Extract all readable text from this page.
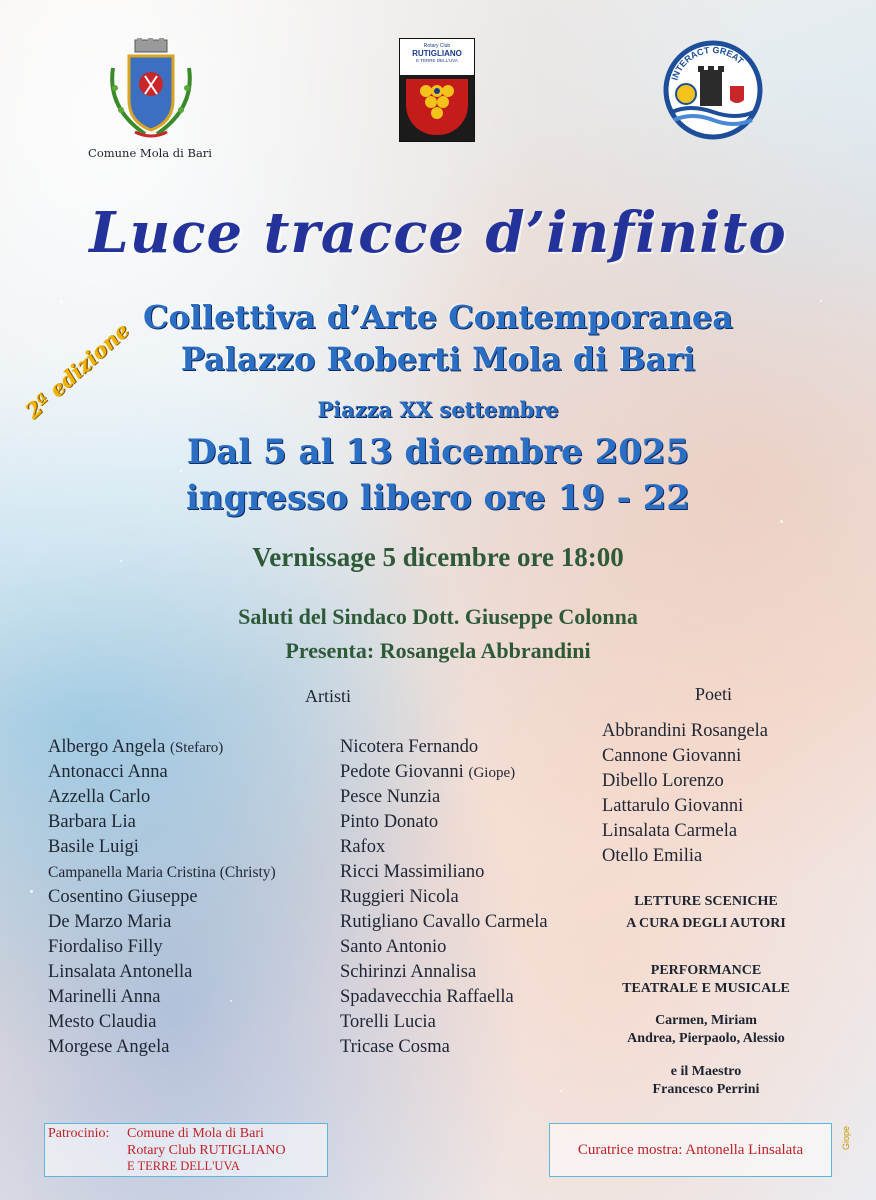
Comune Mola di Bari
Rotary Club
RUTIGLIANO
E TERRE DELL'UVA
INTERACT GREAT
Luce tracce d’infinito
Collettiva d’Arte Contemporanea
Palazzo Roberti Mola di Bari
2ª edizione	Piazza XX settembre
Dal 5 al 13 dicembre 2025
ingresso libero ore 19 - 22
Vernissage 5 dicembre ore 18:00
Saluti del Sindaco Dott. Giuseppe Colonna
Presenta: Rosangela Abbrandini
Artisti	Poeti
Albergo Angela (Stefaro)
Antonacci Anna
Azzella Carlo
Barbara Lia
Basile Luigi
Campanella Maria Cristina (Christy)
Cosentino Giuseppe
De Marzo Maria
Fiordaliso Filly
Linsalata Antonella
Marinelli Anna
Mesto Claudia
Morgese Angela
Nicotera Fernando
Pedote Giovanni (Giope)
Pesce Nunzia
Pinto Donato
Rafox
Ricci Massimiliano
Ruggieri Nicola
Rutigliano Cavallo Carmela
Santo Antonio
Schirinzi Annalisa
Spadavecchia Raffaella
Torelli Lucia
Tricase Cosma
Abbrandini Rosangela
Cannone Giovanni
Dibello Lorenzo
Lattarulo Giovanni
Linsalata Carmela
Otello Emilia
LETTURE SCENICHE
A CURA DEGLI AUTORI
PERFORMANCE
TEATRALE E MUSICALE
Carmen, Miriam
Andrea, Pierpaolo, Alessio
e il Maestro
Francesco Perrini
Patrocinio: Comune di Mola di Bari
Rotary Club RUTIGLIANO
E TERRE DELL'UVA
Curatrice mostra: Antonella Linsalata	Giope
